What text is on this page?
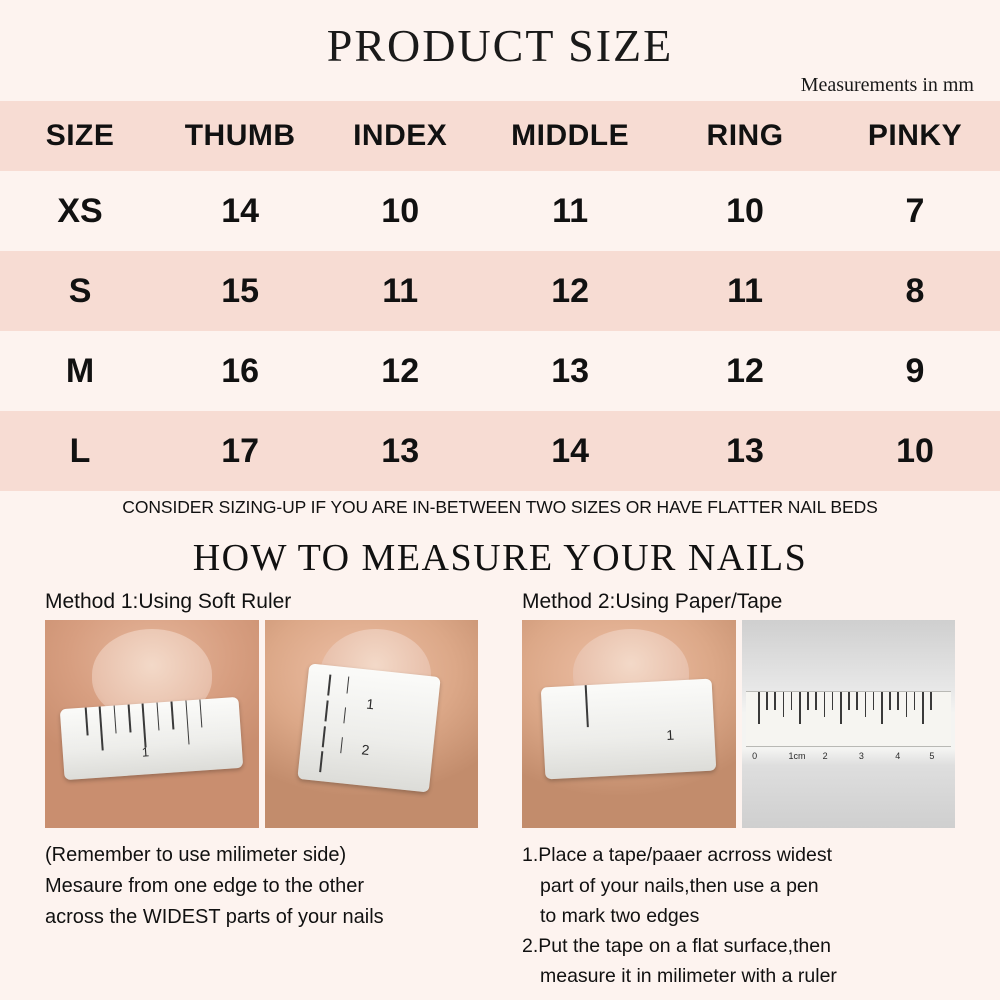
PRODUCT SIZE
Measurements in mm
SIZE	THUMB	INDEX	MIDDLE	RING	PINKY
XS	14	10	11	10	7
S	15	11	12	11	8
M	16	12	13	12	9
L	17	13	14	13	10
CONSIDER SIZING-UP IF YOU ARE IN-BETWEEN TWO SIZES OR HAVE FLATTER NAIL BEDS
HOW TO MEASURE YOUR NAILS
Method 1:Using Soft Ruler
1
1
2
(Remember to use milimeter side)
Mesaure from one edge to the other
across the WIDEST parts of your nails
Method 2:Using Paper/Tape
1
0	1cm 2	3	4	5
1.Place a tape/paaer acrross widest
part of your nails,then use a pen
to mark two edges
2.Put the tape on a flat surface,then
measure it in milimeter with a ruler
